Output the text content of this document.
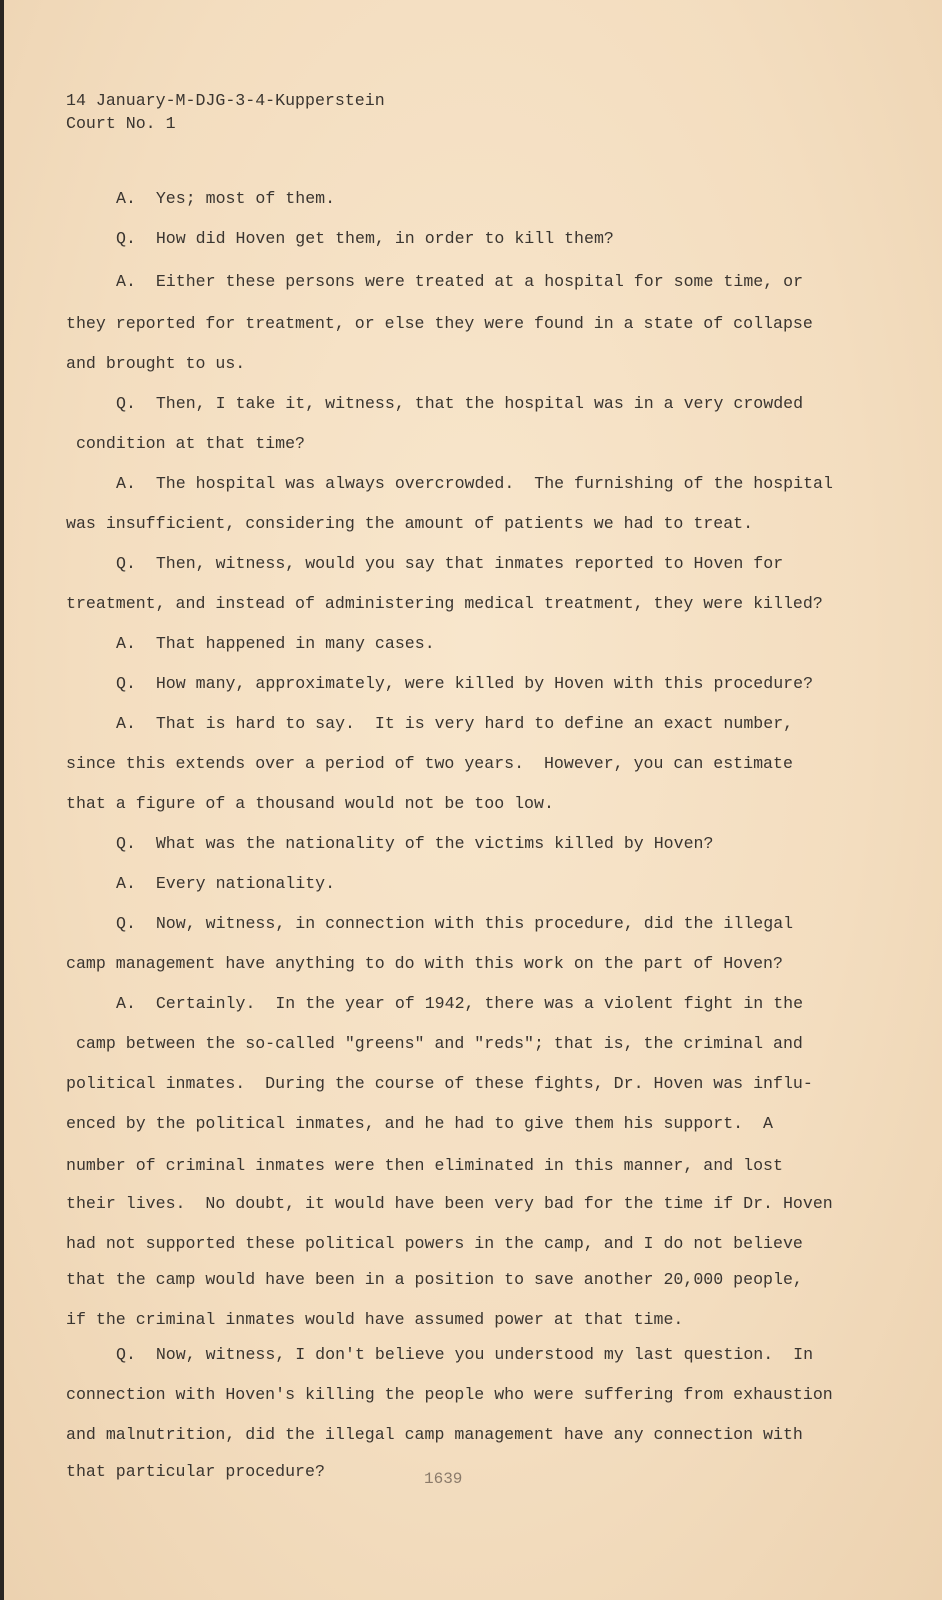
14 January-M-DJG-3-4-Kupperstein
Court No. 1
A.  Yes; most of them.
Q.  How did Hoven get them, in order to kill them?
A.  Either these persons were treated at a hospital for some time, or
they reported for treatment, or else they were found in a state of collapse
and brought to us.
Q.  Then, I take it, witness, that the hospital was in a very crowded
condition at that time?
A.  The hospital was always overcrowded.  The furnishing of the hospital
was insufficient, considering the amount of patients we had to treat.
Q.  Then, witness, would you say that inmates reported to Hoven for
treatment, and instead of administering medical treatment, they were killed?
A.  That happened in many cases.
Q.  How many, approximately, were killed by Hoven with this procedure?
A.  That is hard to say.  It is very hard to define an exact number,
since this extends over a period of two years.  However, you can estimate
that a figure of a thousand would not be too low.
Q.  What was the nationality of the victims killed by Hoven?
A.  Every nationality.
Q.  Now, witness, in connection with this procedure, did the illegal
camp management have anything to do with this work on the part of Hoven?
A.  Certainly.  In the year of 1942, there was a violent fight in the
camp between the so-called "greens" and "reds"; that is, the criminal and
political inmates.  During the course of these fights, Dr. Hoven was influ-
enced by the political inmates, and he had to give them his support.  A
number of criminal inmates were then eliminated in this manner, and lost
their lives.  No doubt, it would have been very bad for the time if Dr. Hoven
had not supported these political powers in the camp, and I do not believe
that the camp would have been in a position to save another 20,000 people,
if the criminal inmates would have assumed power at that time.
Q.  Now, witness, I don't believe you understood my last question.  In
connection with Hoven's killing the people who were suffering from exhaustion
and malnutrition, did the illegal camp management have any connection with
that particular procedure?	1639
